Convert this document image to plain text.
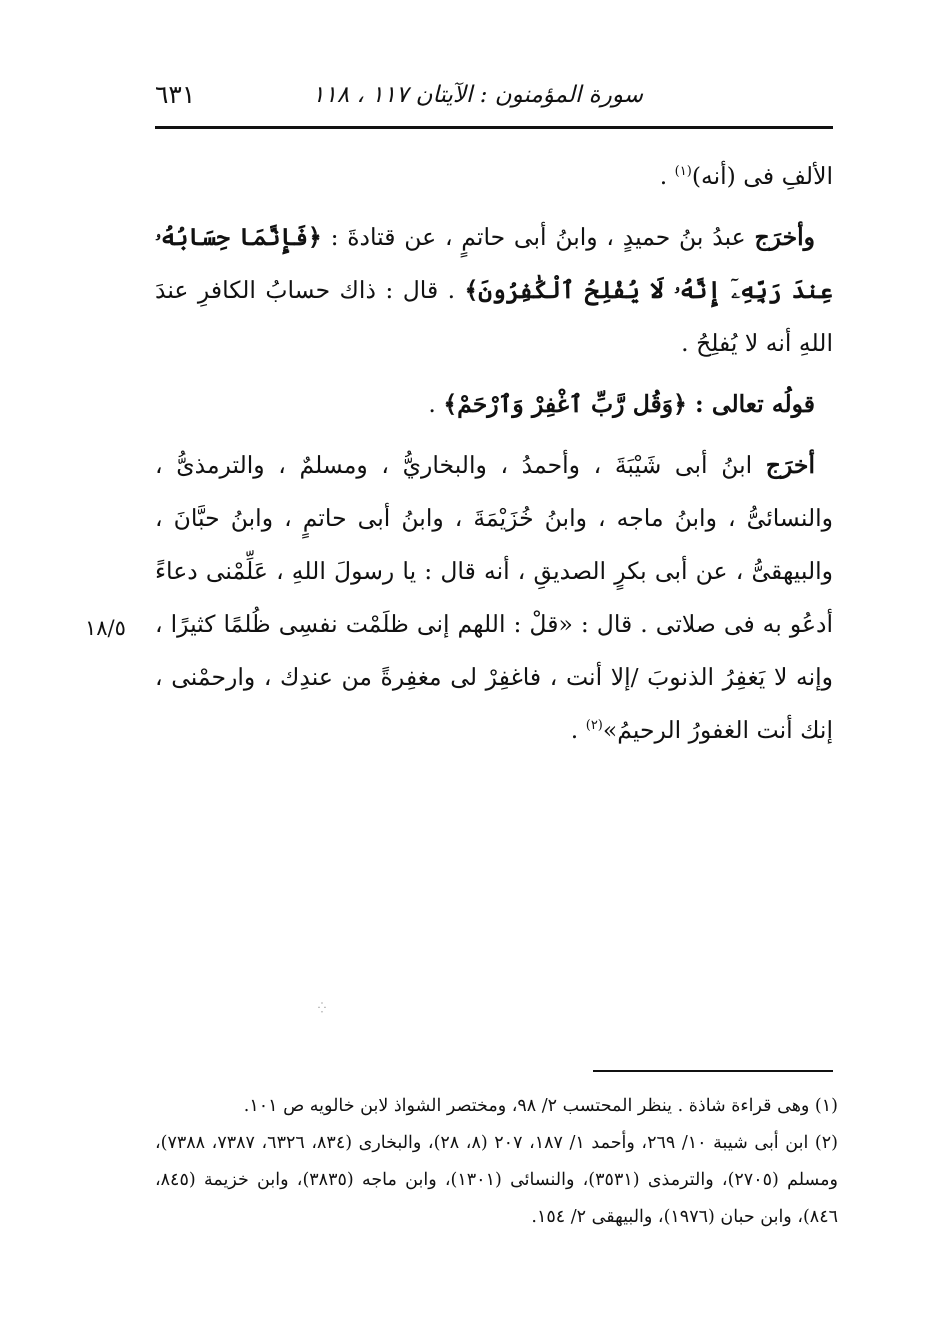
سورة المؤمنون : الآيتان ١١٧ ، ١١٨
٦٣١

الألفِ فى (أنه)$^{(١)}$ .

وأخرَج عبدُ بنُ حميدٍ ، وابنُ أبى حاتمٍ ، عن قتادةَ : ﴿فَإِنَّمَا حِسَابُهُۥ عِندَ رَبِّهِۦٓ إِنَّهُۥ لَا يُفْلِحُ ٱلْكَٰفِرُونَ﴾ . قال : ذاك حسابُ الكافرِ عندَ اللهِ أنه لا يُفلِحُ .

قولُه تعالى : ﴿وَقُل رَّبِّ ٱغْفِرْ وَٱرْحَمْ﴾ .

أخرَج ابنُ أبى شَيْبَةَ ، وأحمدُ ، والبخاريُّ ، ومسلمٌ ، والترمذىُّ ، والنسائىُّ ، وابنُ ماجه ، وابنُ خُزَيْمَةَ ، وابنُ أبى حاتمٍ ، وابنُ حبَّانَ ، والبيهقىُّ ، عن أبى بكرٍ الصديقِ ، أنه قال : يا رسولَ اللهِ ، عَلِّمْنى دعاءً أدعُو به فى صلاتى . قال : «قلْ : اللهم إنى ظلَمْت نفسِى ظُلمًا كثيرًا ، وإنه لا يَغفِرُ الذنوبَ /إلا أنت ، فاغفِرْ لى مغفِرةً من عندِك ، وارحمْنى ، إنك أنت الغفورُ الرحيمُ»$^{(٢)}$ .

١٨/٥
⁛

(١) وهى قراءة شاذة . ينظر المحتسب ٢/ ٩٨، ومختصر الشواذ لابن خالويه ص ١٠١.

(٢) ابن أبى شيبة ١٠/ ٢٦٩، وأحمد ١/ ١٨٧، ٢٠٧ (٨، ٢٨)، والبخارى (٨٣٤، ٦٣٢٦، ٧٣٨٧، ٧٣٨٨)، ومسلم (٢٧٠٥)، والترمذى (٣٥٣١)، والنسائى (١٣٠١)، وابن ماجه (٣٨٣٥)، وابن خزيمة (٨٤٥، ٨٤٦)، وابن حبان (١٩٧٦)، والبيهقى ٢/ ١٥٤.
